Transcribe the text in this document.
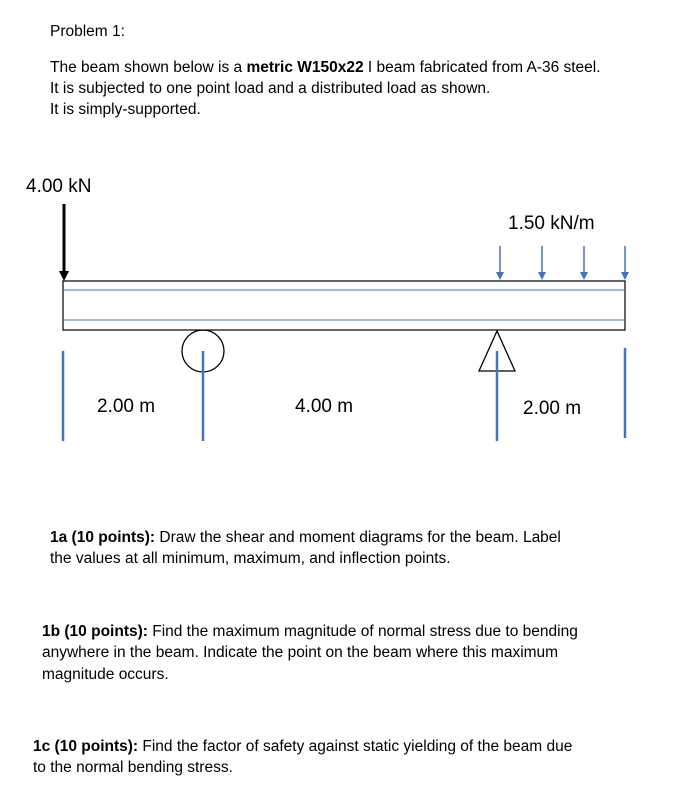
Problem 1:
The beam shown below is a metric W150x22 I beam fabricated from A-36 steel.
It is subjected to one point load and a distributed load as shown.
It is simply-supported.
4.00 kN
1.50 kN/m
2.00 m	4.00 m	2.00 m
1a (10 points): Draw the shear and moment diagrams for the beam. Label
the values at all minimum, maximum, and inflection points.
1b (10 points): Find the maximum magnitude of normal stress due to bending
anywhere in the beam. Indicate the point on the beam where this maximum
magnitude occurs.
1c (10 points): Find the factor of safety against static yielding of the beam due
to the normal bending stress.
